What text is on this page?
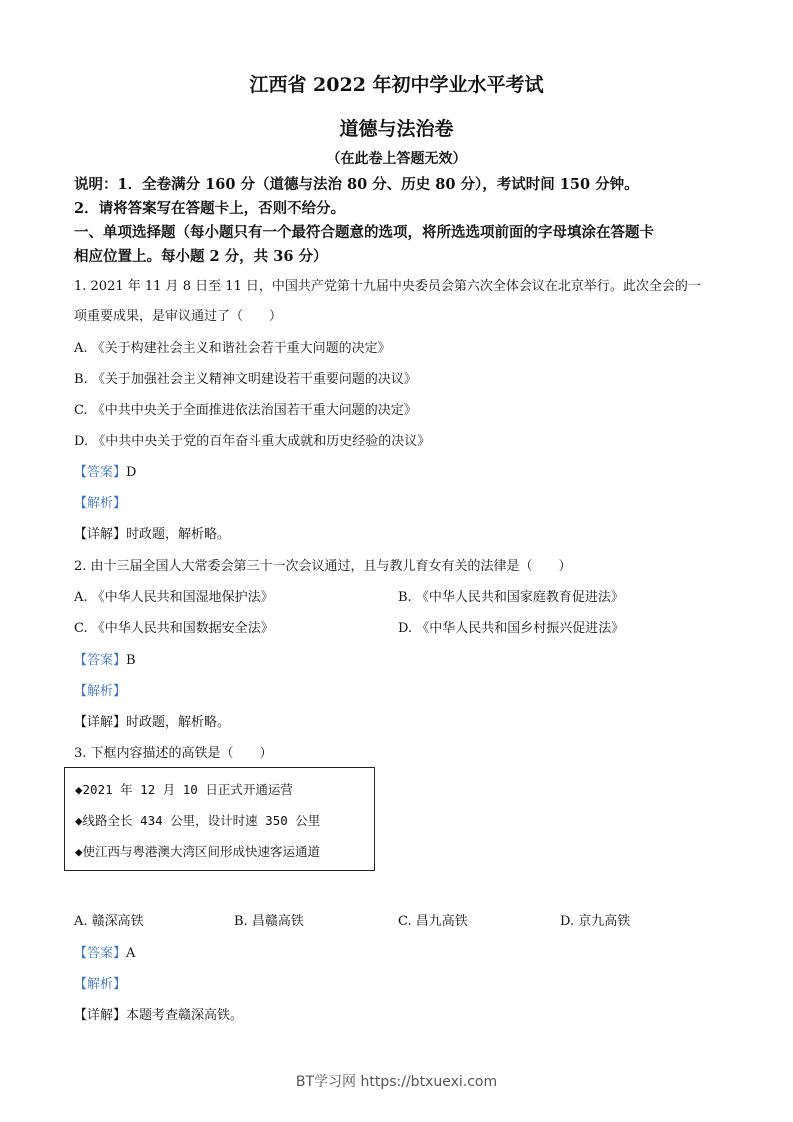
江西省 2022 年初中学业水平考试
道德与法治卷
（在此卷上答题无效）
说明：1．全卷满分 160 分（道德与法治 80 分、历史 80 分），考试时间 150 分钟。
2．请将答案写在答题卡上，否则不给分。
一、单项选择题（每小题只有一个最符合题意的选项，将所选选项前面的字母填涂在答题卡
相应位置上。每小题 2 分，共 36 分）
1. 2021 年 11 月 8 日至 11 日，中国共产党第十九届中央委员会第六次全体会议在北京举行。此次全会的一
项重要成果，是审议通过了（　　）
A. 《关于构建社会主义和谐社会若干重大问题的决定》
B. 《关于加强社会主义精神文明建设若干重要问题的决议》
C. 《中共中央关于全面推进依法治国若干重大问题的决定》
D. 《中共中央关于党的百年奋斗重大成就和历史经验的决议》
【答案】D
【解析】
【详解】时政题，解析略。
2. 由十三届全国人大常委会第三十一次会议通过，且与教儿育女有关的法律是（　　）
A. 《中华人民共和国湿地保护法》	B. 《中华人民共和国家庭教育促进法》
C. 《中华人民共和国数据安全法》	D. 《中华人民共和国乡村振兴促进法》
【答案】B
【解析】
【详解】时政题，解析略。
3. 下框内容描述的高铁是（　　）
◆2021 年 12 月 10 日正式开通运营
◆线路全长 434 公里，设计时速 350 公里
◆使江西与粤港澳大湾区间形成快速客运通道
A. 赣深高铁	B. 昌赣高铁	C. 昌九高铁	D. 京九高铁
【答案】A
【解析】
【详解】本题考查赣深高铁。
BT学习网 https://btxuexi.com
